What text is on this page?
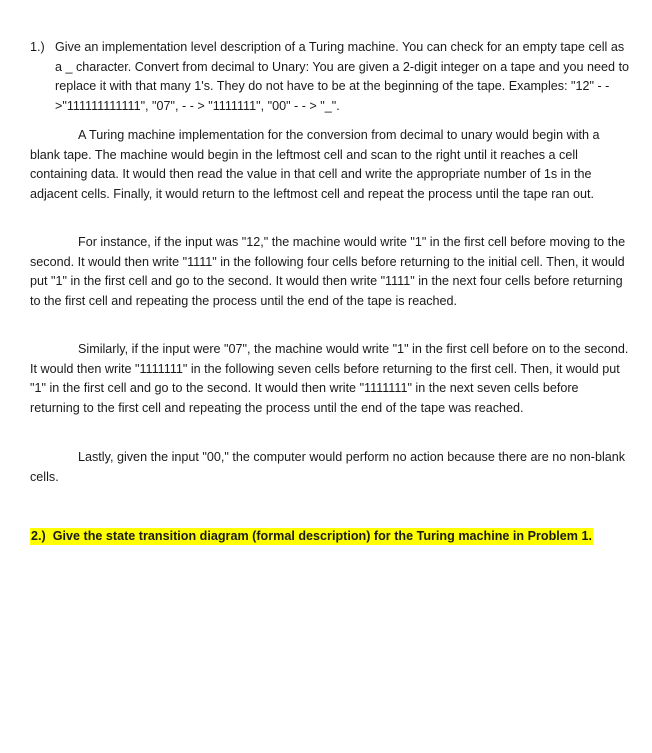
1.) Give an implementation level description of a Turing machine. You can check for an empty tape cell as a _ character. Convert from decimal to Unary: You are given a 2-digit integer on a tape and you need to replace it with that many 1's. They do not have to be at the beginning of the tape. Examples: "12" - - >"111111111111", "07", - - > "1111111", "00" - - > "_".

A Turing machine implementation for the conversion from decimal to unary would begin with a blank tape. The machine would begin in the leftmost cell and scan to the right until it reaches a cell containing data. It would then read the value in that cell and write the appropriate number of 1s in the adjacent cells. Finally, it would return to the leftmost cell and repeat the process until the tape ran out.

For instance, if the input was "12," the machine would write "1" in the first cell before moving to the second. It would then write "1111" in the following four cells before returning to the initial cell. Then, it would put "1" in the first cell and go to the second. It would then write "1111" in the next four cells before returning to the first cell and repeating the process until the end of the tape is reached.

Similarly, if the input were "07", the machine would write "1" in the first cell before on to the second. It would then write "1111111" in the following seven cells before returning to the first cell. Then, it would put "1" in the first cell and go to the second. It would then write "1111111" in the next seven cells before returning to the first cell and repeating the process until the end of the tape was reached.

Lastly, given the input "00," the computer would perform no action because there are no non-blank cells.

2.) Give the state transition diagram (formal description) for the Turing machine in Problem 1.
